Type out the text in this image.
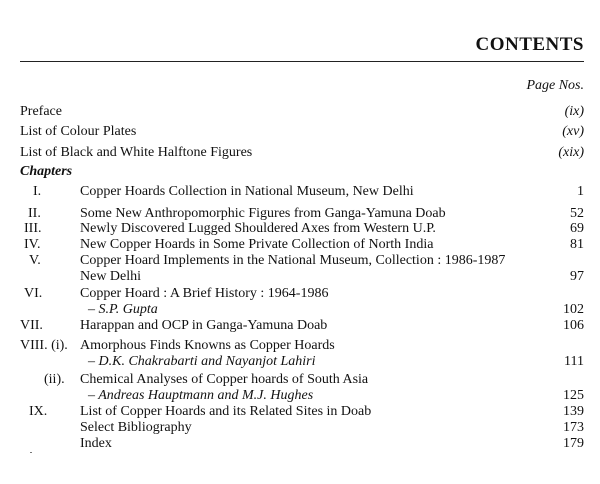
CONTENTS
Page Nos.
Preface	(ix)
List of Colour Plates	(xv)
List of Black and White Halftone Figures	(xix)
Chapters
I.	Copper Hoards Collection in National Museum, New Delhi	1
II.	Some New Anthropomorphic Figures from Ganga-Yamuna Doab	52
III.	Newly Discovered Lugged Shouldered Axes from Western U.P.	69
IV.	New Copper Hoards in Some Private Collection of North India	81
V.	Copper Hoard Implements in the National Museum, Collection : 1986-1987
New Delhi	97
VI.	Copper Hoard : A Brief History : 1964-1986
– S.P. Gupta	102
VII.	Harappan and OCP in Ganga-Yamuna Doab	106
VIII. (i). Amorphous Finds Knowns as Copper Hoards
– D.K. Chakrabarti and Nayanjot Lahiri	111
(ii). Chemical Analyses of Copper hoards of South Asia
– Andreas Hauptmann and M.J. Hughes	125
IX. List of Copper Hoards and its Related Sites in Doab	139
Select Bibliography	173
Index	179
